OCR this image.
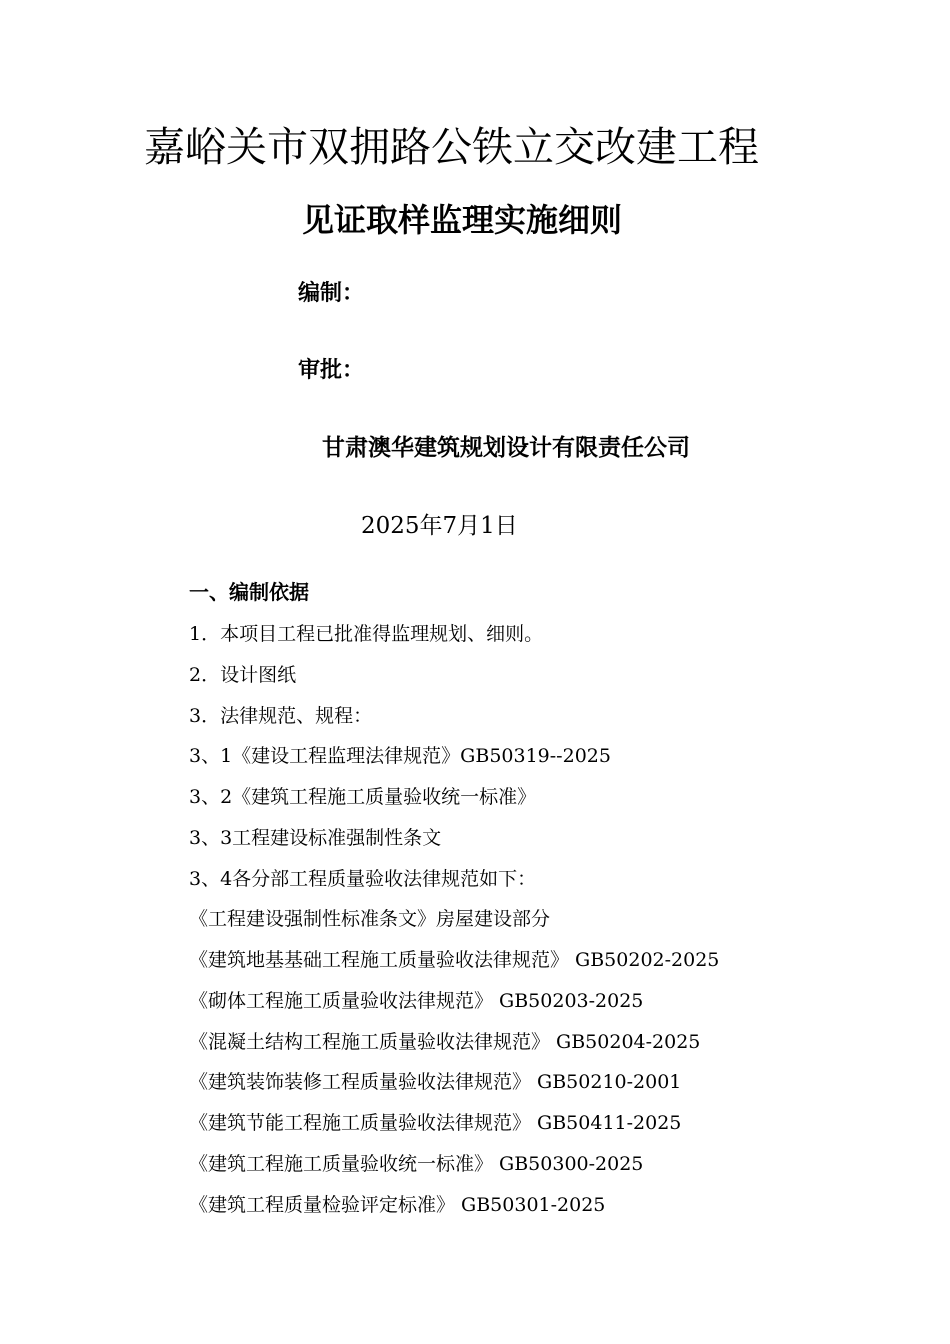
嘉峪关市双拥路公铁立交改建工程
见证取样监理实施细则
编制：
审批：
甘肃澳华建筑规划设计有限责任公司
2025年7月1日
一、编制依据
1．本项目工程已批准得监理规划、细则。
2．设计图纸
3．法律规范、规程：
3、1《建设工程监理法律规范》GB50319--2025
3、2《建筑工程施工质量验收统一标准》
3、3工程建设标准强制性条文
3、4各分部工程质量验收法律规范如下：
《工程建设强制性标准条文》房屋建设部分
《建筑地基基础工程施工质量验收法律规范》 GB50202-2025
《砌体工程施工质量验收法律规范》 GB50203-2025
《混凝土结构工程施工质量验收法律规范》 GB50204-2025
《建筑装饰装修工程质量验收法律规范》 GB50210-2001
《建筑节能工程施工质量验收法律规范》 GB50411-2025
《建筑工程施工质量验收统一标准》 GB50300-2025
《建筑工程质量检验评定标准》 GB50301-2025
